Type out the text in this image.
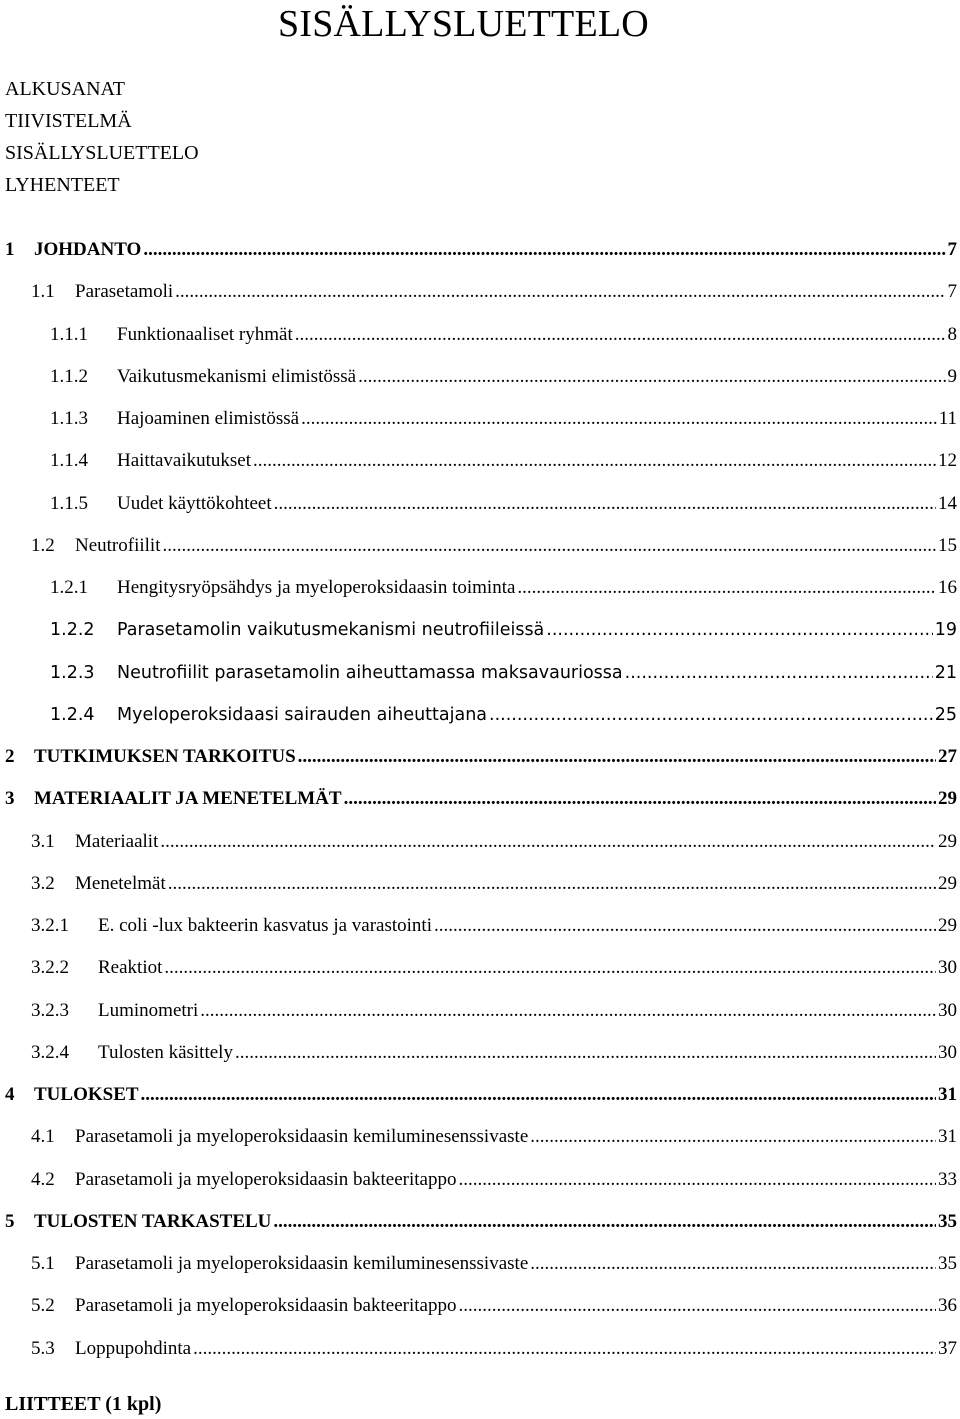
SISÄLLYSLUETTELO
ALKUSANAT
TIIVISTELMÄ
SISÄLLYSLUETTELO
LYHENTEET
1	JOHDANTO .....	7
1.1	Parasetamoli .....	7
1.1.1	Funktionaaliset ryhmät .....	8
1.1.2	Vaikutusmekanismi elimistössä .....	9
1.1.3	Hajoaminen elimistössä .....	11
1.1.4	Haittavaikutukset .....	12
1.1.5	Uudet käyttökohteet .....	14
1.2	Neutrofiilit .....	15
1.2.1	Hengitysryöpsähdys ja myeloperoksidaasin toiminta .....	16
1.2.2	Parasetamolin vaikutusmekanismi neutrofiileissä .....	19
1.2.3	Neutrofiilit parasetamolin aiheuttamassa maksavauriossa .....	21
1.2.4	Myeloperoksidaasi sairauden aiheuttajana .....	25
2	TUTKIMUKSEN TARKOITUS .....	27
3	MATERIAALIT JA MENETELMÄT .....	29
3.1	Materiaalit .....	29
3.2	Menetelmät .....	29
3.2.1	E. coli -lux bakteerin kasvatus ja varastointi .....	29
3.2.2	Reaktiot .....	30
3.2.3	Luminometri .....	30
3.2.4	Tulosten käsittely .....	30
4	TULOKSET .....	31
4.1	Parasetamoli ja myeloperoksidaasin kemiluminesenssivaste .....	31
4.2	Parasetamoli ja myeloperoksidaasin bakteeritappo .....	33
5	TULOSTEN TARKASTELU .....	35
5.1	Parasetamoli ja myeloperoksidaasin kemiluminesenssivaste .....	35
5.2	Parasetamoli ja myeloperoksidaasin bakteeritappo .....	36
5.3	Loppupohdinta .....	37

LIITTEET (1 kpl)
